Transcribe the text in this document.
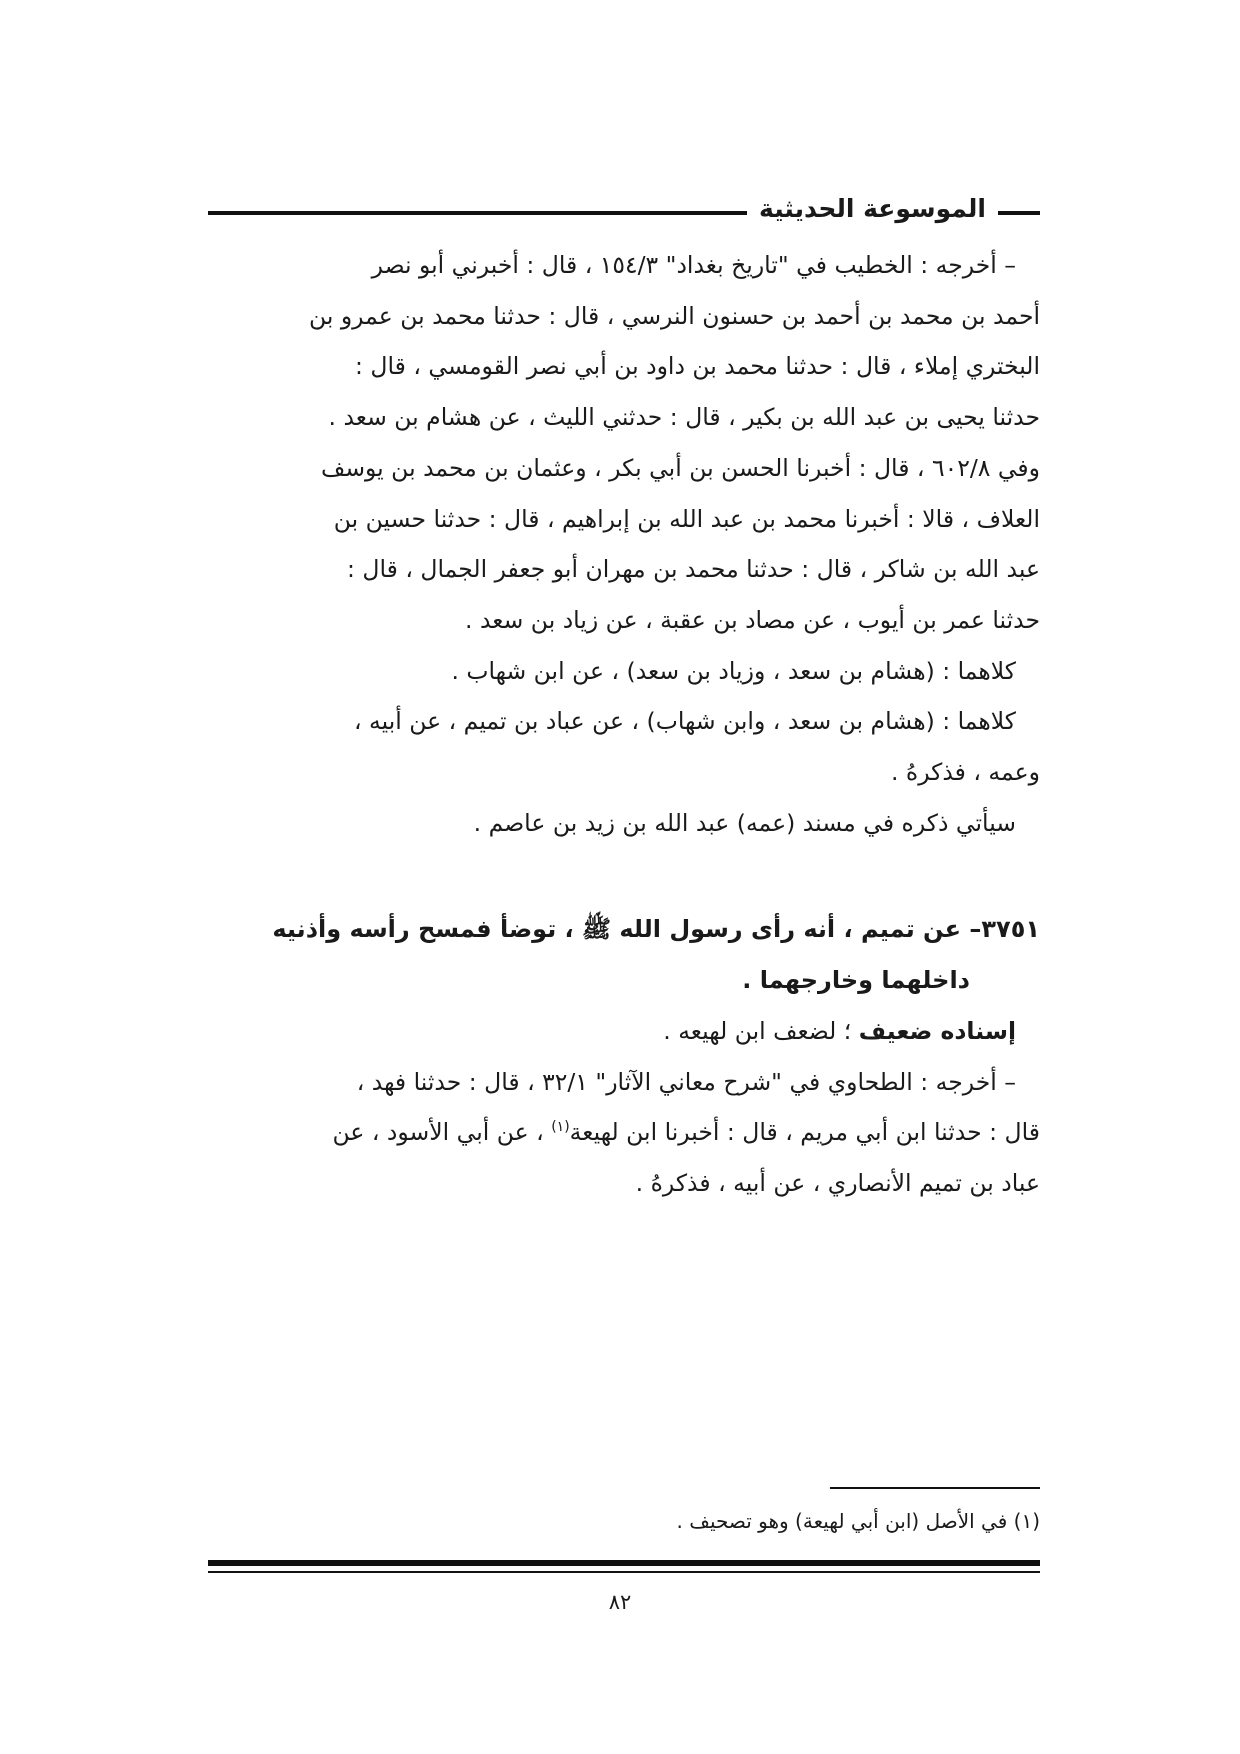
الموسوعة الحديثية

– أخرجه : الخطيب في "تاريخ بغداد" ١٥٤/٣ ، قال : أخبرني أبو نصر

أحمد بن محمد بن أحمد بن حسنون النرسي ، قال : حدثنا محمد بن عمرو بن

البختري إملاء ، قال : حدثنا محمد بن داود بن أبي نصر القومسي ، قال :

حدثنا يحيى بن عبد الله بن بكير ، قال : حدثني الليث ، عن هشام بن سعد .

وفي ٦٠٢/٨ ، قال : أخبرنا الحسن بن أبي بكر ، وعثمان بن محمد بن يوسف

العلاف ، قالا : أخبرنا محمد بن عبد الله بن إبراهيم ، قال : حدثنا حسين بن

عبد الله بن شاكر ، قال : حدثنا محمد بن مهران أبو جعفر الجمال ، قال :

حدثنا عمر بن أيوب ، عن مصاد بن عقبة ، عن زياد بن سعد .

كلاهما : (هشام بن سعد ، وزياد بن سعد) ، عن ابن شهاب .

كلاهما : (هشام بن سعد ، وابن شهاب) ، عن عباد بن تميم ، عن أبيه ،

وعمه ، فذكرهُ .

سيأتي ذكره في مسند (عمه) عبد الله بن زيد بن عاصم .

٣٧٥١– عن تميم ، أنه رأى رسول الله ﷺ ، توضأ فمسح رأسه وأذنيه

داخلهما وخارجهما .

إسناده ضعيف ؛ لضعف ابن لهيعه .

– أخرجه : الطحاوي في "شرح معاني الآثار" ٣٢/١ ، قال : حدثنا فهد ،

قال : حدثنا ابن أبي مريم ، قال : أخبرنا ابن لهيعة$^{(١)}$ ، عن أبي الأسود ، عن

عباد بن تميم الأنصاري ، عن أبيه ، فذكرهُ .

(١) في الأصل (ابن أبي لهيعة) وهو تصحيف .
٨٢
